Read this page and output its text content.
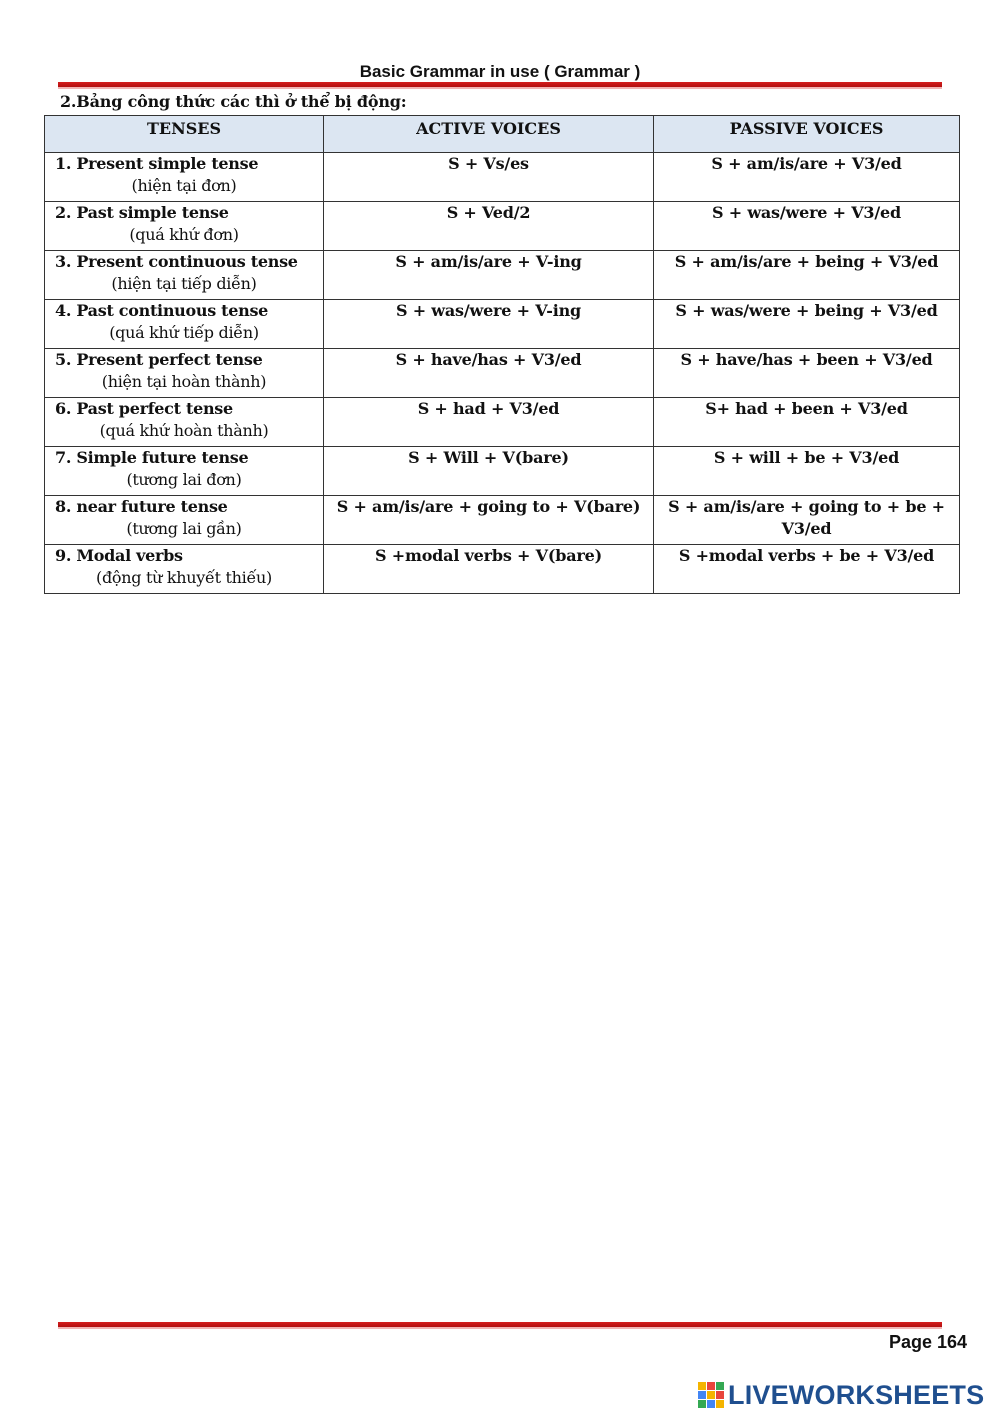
Basic Grammar in use ( Grammar )
2.Bảng công thức các thì ở thể bị động:
TENSES	ACTIVE VOICES	PASSIVE VOICES

1. Present simple tense
(hiện tại đơn)	S + Vs/es	S + am/is/are + V3/ed

2. Past simple tense
(quá khứ đơn)	S + Ved/2	S + was/were + V3/ed

3. Present continuous tense
(hiện tại tiếp diễn)	S + am/is/are + V-ing	S + am/is/are + being + V3/ed

4. Past continuous tense
(quá khứ tiếp diễn)	S + was/were + V-ing	S + was/were + being + V3/ed

5. Present perfect tense
(hiện tại hoàn thành)	S + have/has + V3/ed	S + have/has + been + V3/ed

6. Past perfect tense
(quá khứ hoàn thành)	S + had + V3/ed	S+ had + been + V3/ed

7. Simple future tense
(tương lai đơn)	S + Will + V(bare)	S + will + be + V3/ed

8. near future tense
(tương lai gần)	S + am/is/are + going to + V(bare)	S + am/is/are + going to + be + V3/ed

9. Modal verbs
(động từ khuyết thiếu)	S +modal verbs + V(bare)	S +modal verbs + be + V3/ed
Page 164
LIVEWORKSHEETS
